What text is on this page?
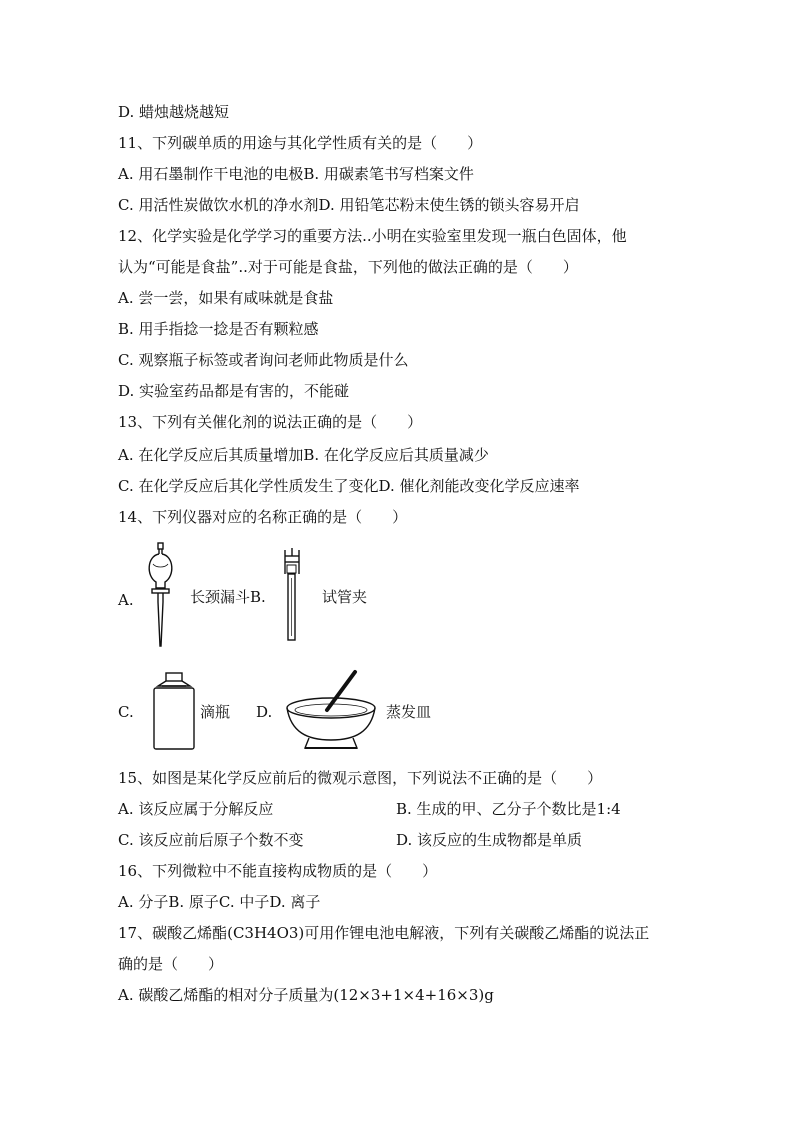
D. 蜡烛越烧越短
11、下列碳单质的用途与其化学性质有关的是（　　）
A. 用石墨制作干电池的电极B. 用碳素笔书写档案文件
C. 用活性炭做饮水机的净水剂D. 用铅笔芯粉末使生锈的锁头容易开启
12、化学实验是化学学习的重要方法..小明在实验室里发现一瓶白色固体，他
认为“可能是食盐”..对于可能是食盐，下列他的做法正确的是（　　）
A. 尝一尝，如果有咸味就是食盐
B. 用手指捻一捻是否有颗粒感
C. 观察瓶子标签或者询问老师此物质是什么
D. 实验室药品都是有害的，不能碰
13、下列有关催化剂的说法正确的是（　　）
A. 在化学反应后其质量增加B. 在化学反应后其质量减少
C. 在化学反应后其化学性质发生了变化D. 催化剂能改变化学反应速率
14、下列仪器对应的名称正确的是（　　）
A.	长颈漏斗B.	试管夹
C.	滴瓶 D.	蒸发皿
15、如图是某化学反应前后的微观示意图，下列说法不正确的是（　　）
A. 该反应属于分解反应	B. 生成的甲、乙分子个数比是1:4
C. 该反应前后原子个数不变	D. 该反应的生成物都是单质
16、下列微粒中不能直接构成物质的是（　　）
A. 分子B. 原子C. 中子D. 离子
17、碳酸乙烯酯(C3H4O3)可用作锂电池电解液，下列有关碳酸乙烯酯的说法正
确的是（　　）
A. 碳酸乙烯酯的相对分子质量为(12×3+1×4+16×3)g
